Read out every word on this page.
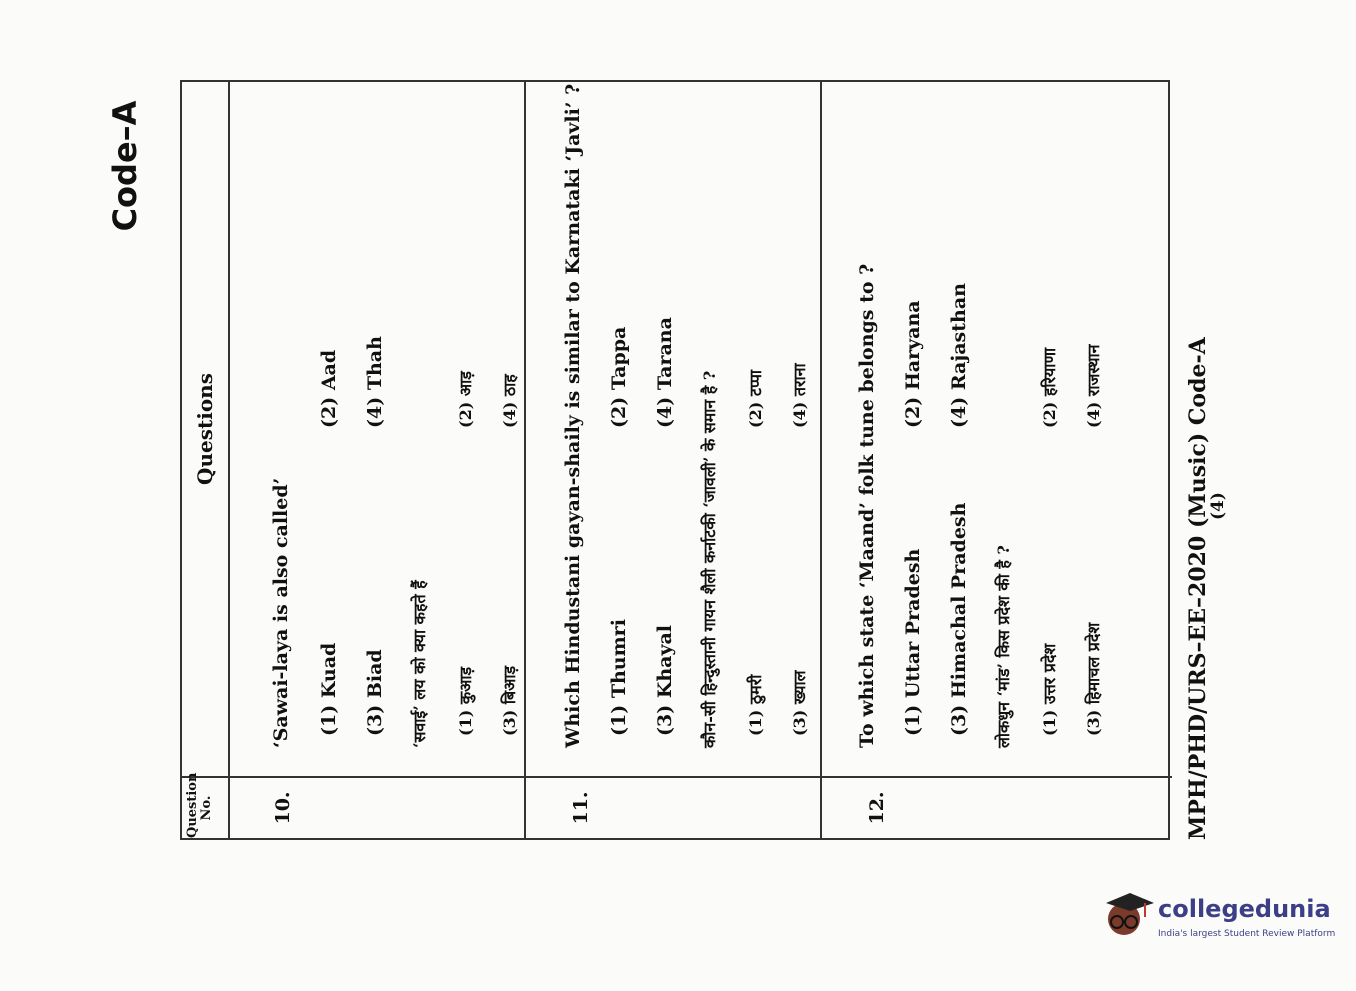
Code–A
Question No.
Questions
10.
‘Sawai-laya is also called’ (1) Kuad
(2) Aad
(3) Biad
(4) Thah
‘सवाई’ लय को क्या कहते हैं (1) कुआड़
(2) आड़
(3) बिआड़
(4) ठाह
11.
Which Hindustani gayan-shaily is similar to Karnataki ‘Javli’ ? (1) Thumri
(2) Tappa
(3) Khayal
(4) Tarana कौन-सी हिन्दुस्तानी गायन शैली कर्नाटकी ‘जावली’ के समान है ? (1) ठुमरी
(2) टप्पा
(3) ख्याल
(4) तराना
12.
To which state ‘Maand’ folk tune belongs to ? (1) Uttar Pradesh
(2) Haryana
(3) Himachal Pradesh
(4) Rajasthan
लोकधुन ‘मांड’ किस प्रदेश की है ? (1) उत्तर प्रदेश
(2) हरियाणा
(3) हिमाचल प्रदेश
(4) राजस्थान	MPH/PHD/URS–EE–2020 (Music) Code-A
(4)
collegedunia
India's largest Student Review Platform
